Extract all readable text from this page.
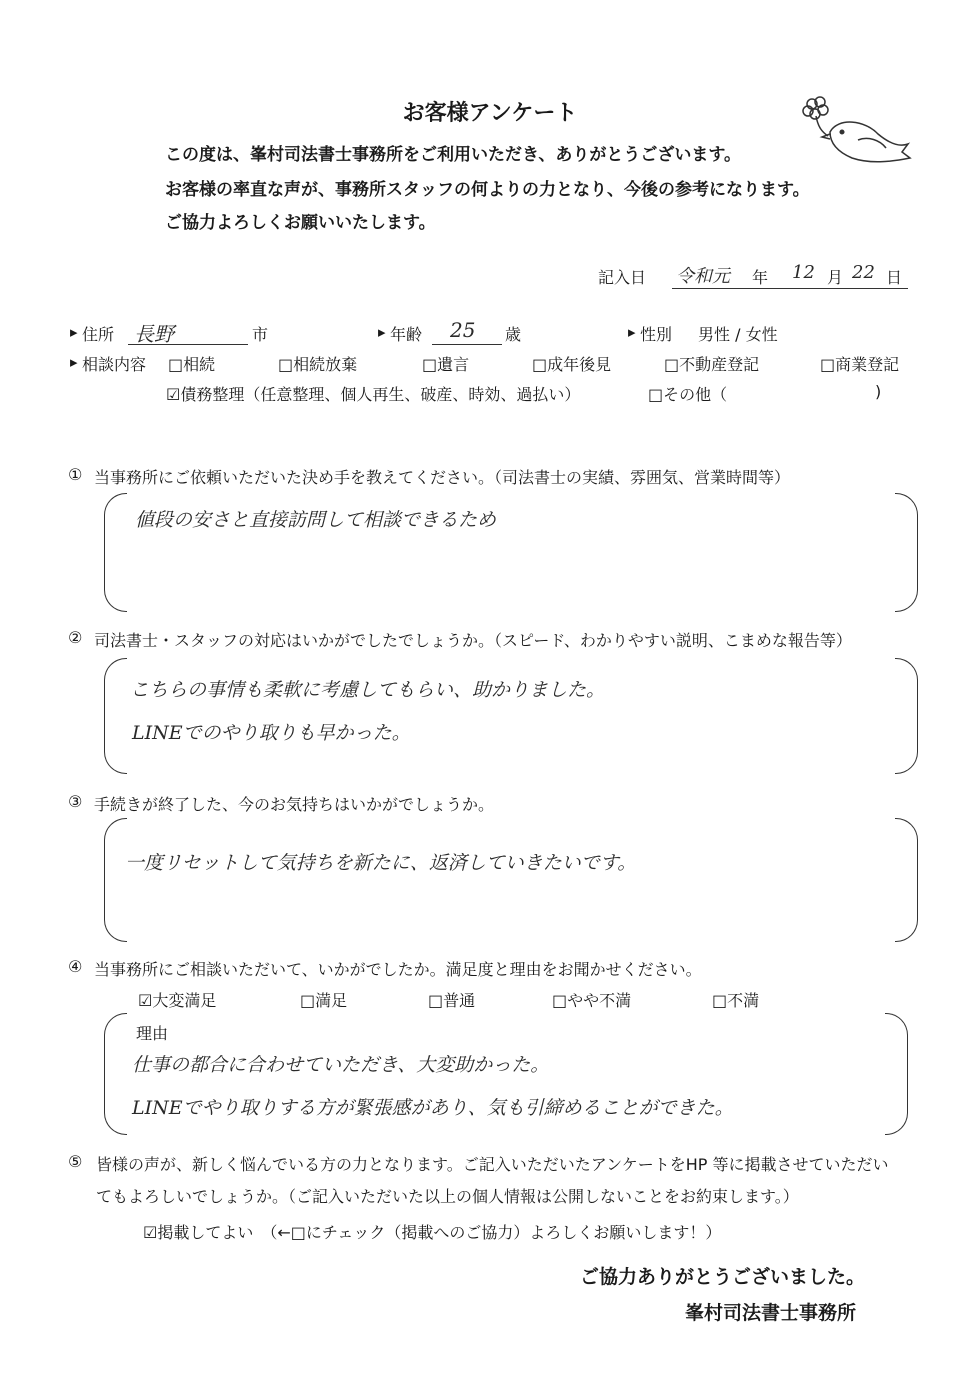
お客様アンケート
この度は、峯村司法書士事務所をご利用いただき、ありがとうございます。
お客様の率直な声が、事務所スタッフの何よりの力となり、今後の参考になります。
ご協力よろしくお願いいたします。
記入日 令和元 年 12 月 22 日
▸ 住所 長野	市	▸ 年齢 25 歳	▸ 性別 男性 / 女性
▸ 相談内容 □相続	□相続放棄	□遺言	□成年後見	□不動産登記	□商業登記
☑債務整理（任意整理、個人再生、破産、時効、過払い）	□その他（	)
① 当事務所にご依頼いただいた決め手を教えてください。（司法書士の実績、雰囲気、営業時間等）
値段の安さと直接訪問して相談できるため
② 司法書士・スタッフの対応はいかがでしたでしょうか。（スピード、わかりやすい説明、こまめな報告等）
こちらの事情も柔軟に考慮してもらい、助かりました。
LINEでのやり取りも早かった。
③ 手続きが終了した、今のお気持ちはいかがでしょうか。
一度リセットして気持ちを新たに、返済していきたいです。
④ 当事務所にご相談いただいて、いかがでしたか。満足度と理由をお聞かせください。
☑大変満足	□満足	□普通	□やや不満	□不満
理由
仕事の都合に合わせていただき、大変助かった。
LINEでやり取りする方が緊張感があり、気も引締めることができた。
⑤ 皆様の声が、新しく悩んでいる方の力となります。ご記入いただいたアンケートをHP 等に掲載させていただい
てもよろしいでしょうか。（ご記入いただいた以上の個人情報は公開しないことをお約束します。）
☑掲載してよい　（←□にチェック（掲載へのご協力）よろしくお願いします！）
ご協力ありがとうございました。
峯村司法書士事務所
